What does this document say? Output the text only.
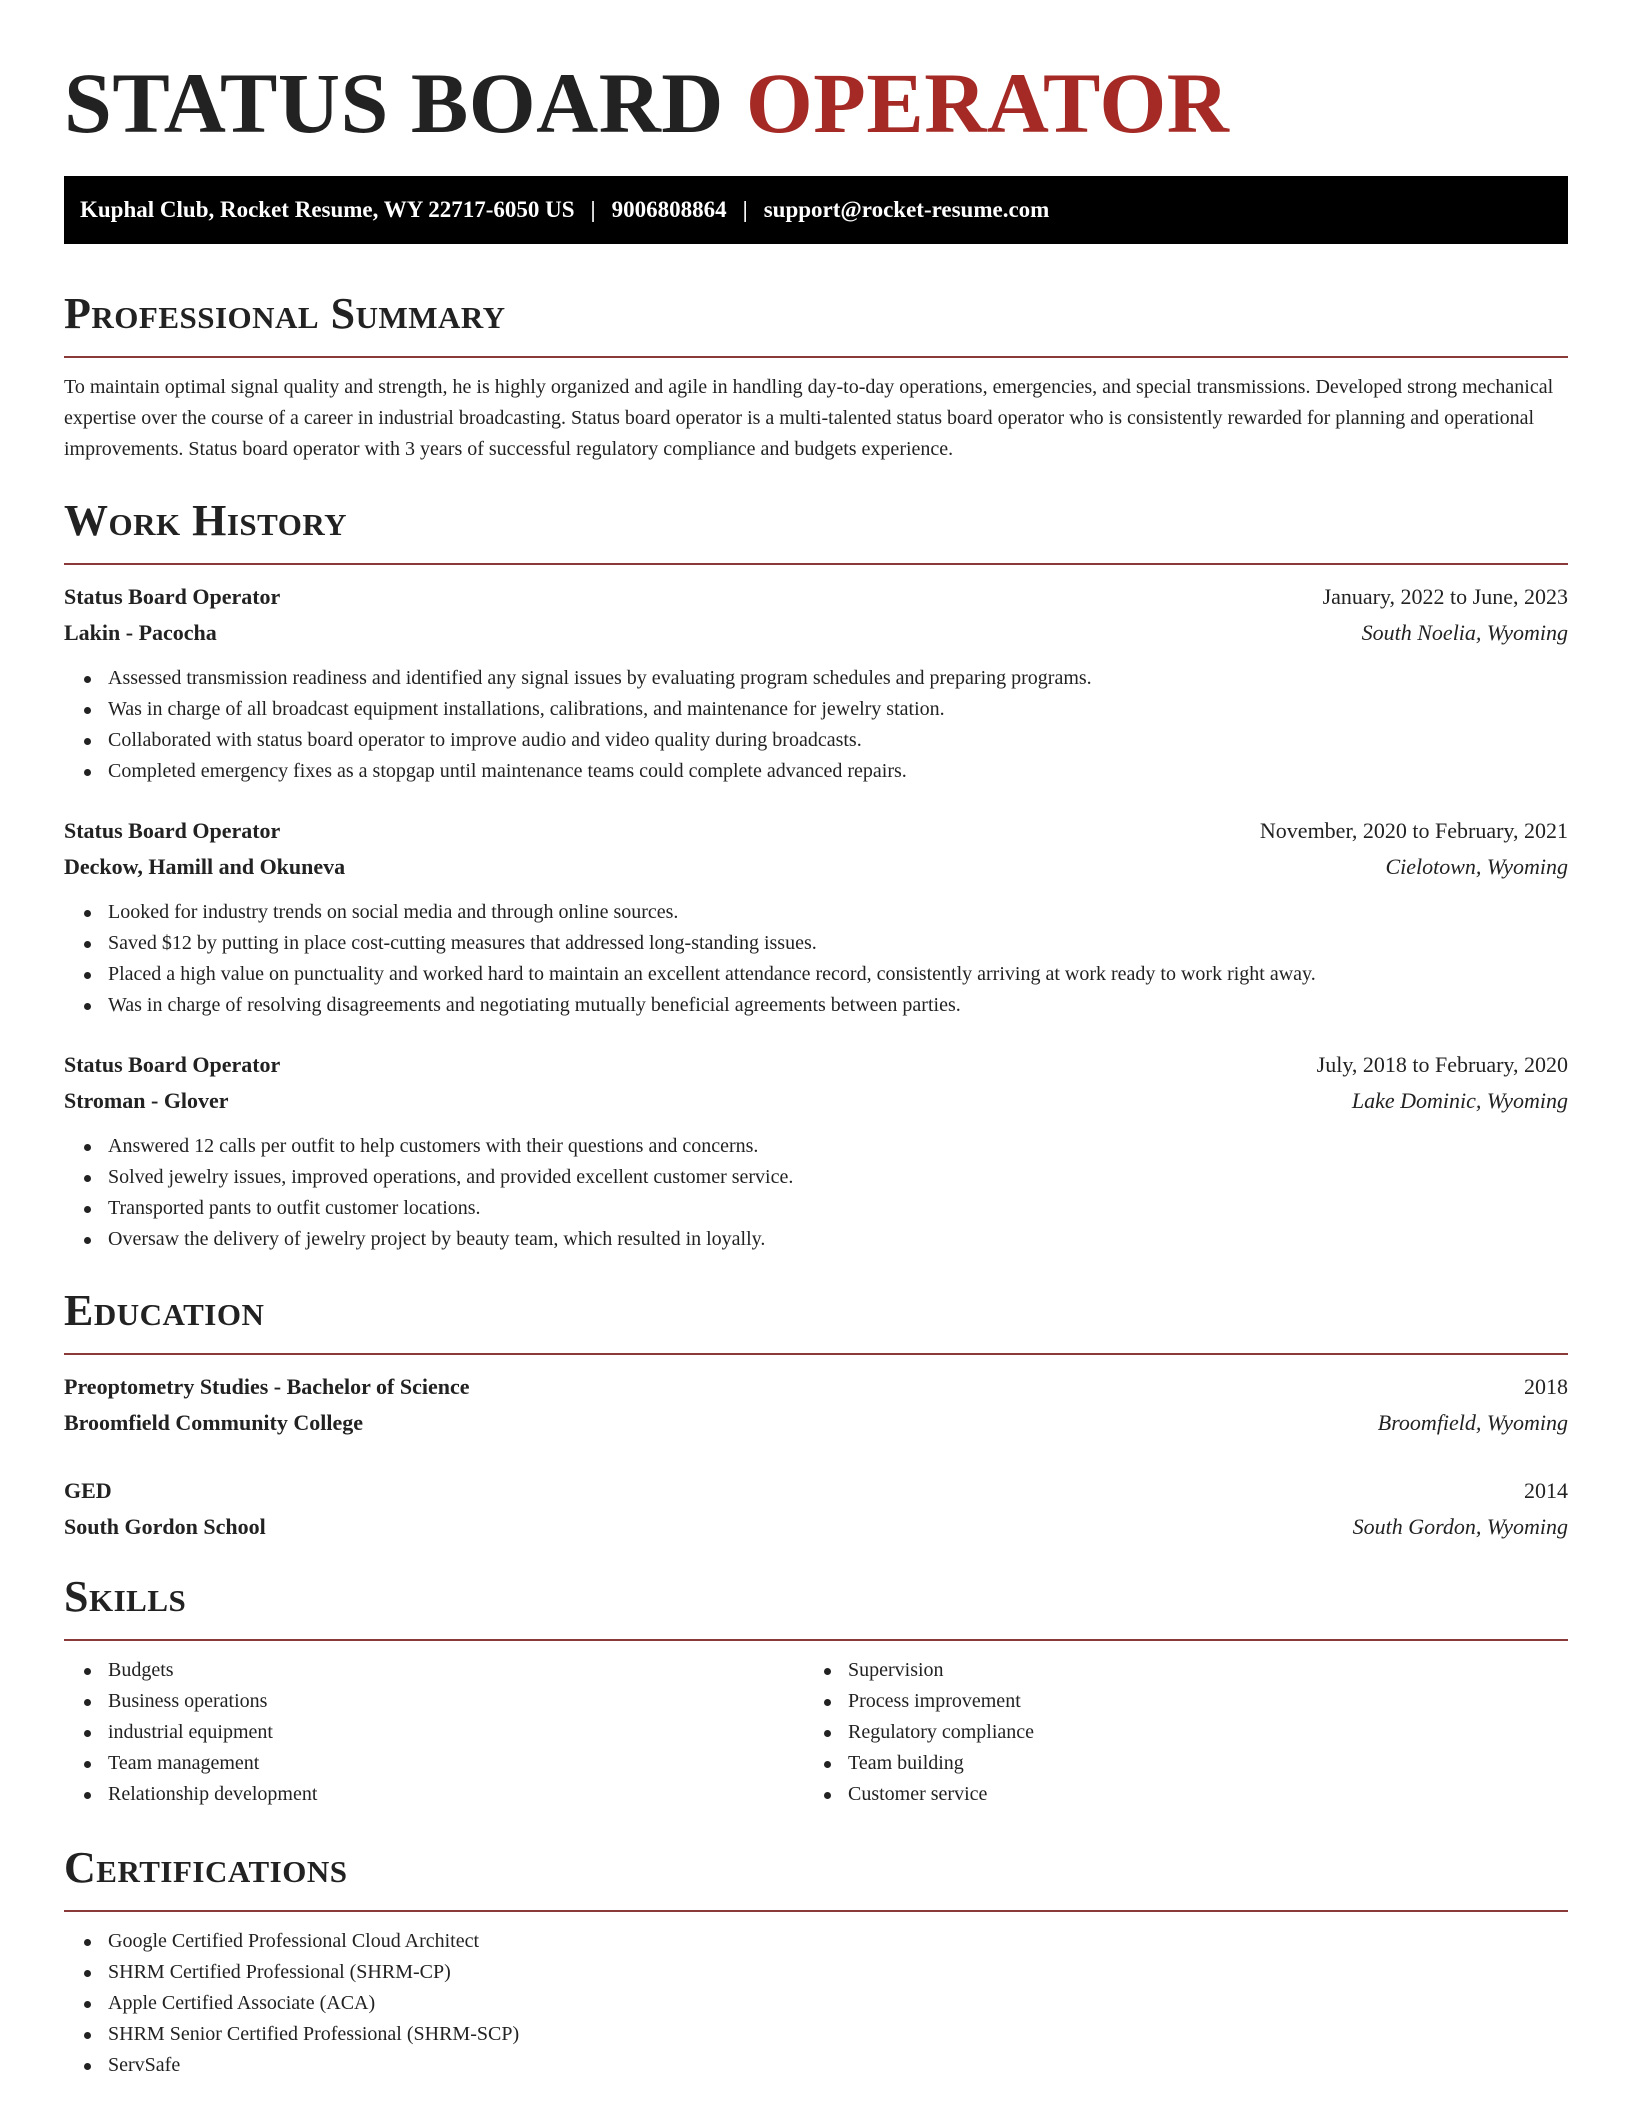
STATUS BOARD OPERATOR
Kuphal Club, Rocket Resume, WY 22717-6050 US | 9006808864 | support@rocket-resume.com
Professional Summary

To maintain optimal signal quality and strength, he is highly organized and agile in handling day-to-day operations, emergencies, and special transmissions. Developed strong mechanical expertise over the course of a career in industrial broadcasting. Status board operator is a multi-talented status board operator who is consistently rewarded for planning and operational improvements. Status board operator with 3 years of successful regulatory compliance and budgets experience.

Work History
Status Board Operator	January, 2022 to June, 2023
Lakin - Pacocha	South Noelia, Wyoming
Assessed transmission readiness and identified any signal issues by evaluating program schedules and preparing programs.
Was in charge of all broadcast equipment installations, calibrations, and maintenance for jewelry station.
Collaborated with status board operator to improve audio and video quality during broadcasts.
Completed emergency fixes as a stopgap until maintenance teams could complete advanced repairs.
Status Board Operator	November, 2020 to February, 2021
Deckow, Hamill and Okuneva	Cielotown, Wyoming
Looked for industry trends on social media and through online sources.
Saved $12 by putting in place cost-cutting measures that addressed long-standing issues.
Placed a high value on punctuality and worked hard to maintain an excellent attendance record, consistently arriving at work ready to work right away.
Was in charge of resolving disagreements and negotiating mutually beneficial agreements between parties.
Status Board Operator	July, 2018 to February, 2020
Stroman - Glover	Lake Dominic, Wyoming
Answered 12 calls per outfit to help customers with their questions and concerns.
Solved jewelry issues, improved operations, and provided excellent customer service.
Transported pants to outfit customer locations.
Oversaw the delivery of jewelry project by beauty team, which resulted in loyally.
Education
Preoptometry Studies - Bachelor of Science	2018
Broomfield Community College	Broomfield, Wyoming
GED	2014
South Gordon School	South Gordon, Wyoming
Skills
Budgets
Business operations
industrial equipment
Team management
Relationship development
Supervision
Process improvement
Regulatory compliance
Team building
Customer service
Certifications
Google Certified Professional Cloud Architect
SHRM Certified Professional (SHRM-CP)
Apple Certified Associate (ACA)
SHRM Senior Certified Professional (SHRM-SCP)
ServSafe
